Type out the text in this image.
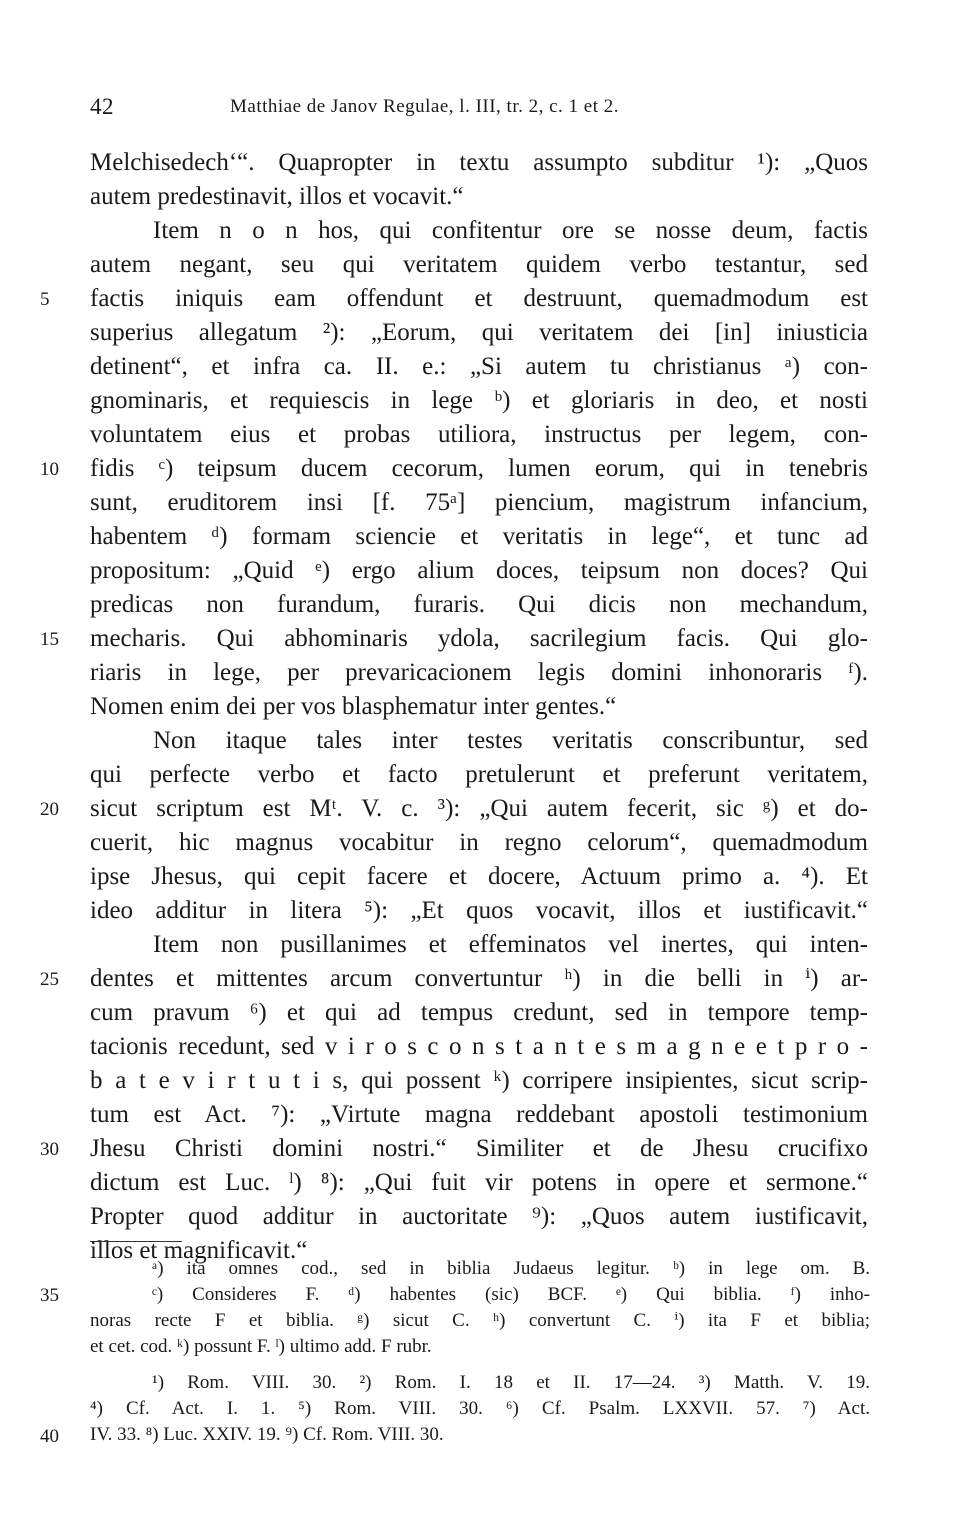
42	Matthiae de Janov Regulae, l. III, tr. 2, c. 1 et 2.
Melchisedech‘“. Quapropter in textu assumpto subditur ¹): „Quos
autem predestinavit, illos et vocavit.“
Item n o n hos, qui confitentur ore se nosse deum, factis
autem negant, seu qui veritatem quidem verbo testantur, sed
5	factis iniquis eam offendunt et destruunt, quemadmodum est
superius allegatum ²): „Eorum, qui veritatem dei [in] iniusticia
detinent“, et infra ca. II. e.: „Si autem tu christianus ᵃ) con-
gnominaris, et requiescis in lege ᵇ) et gloriaris in deo, et nosti
voluntatem eius et probas utiliora, instructus per legem, con-
10	fidis ᶜ) teipsum ducem cecorum, lumen eorum, qui in tenebris
sunt, eruditorem insi [f. 75ᵃ] piencium, magistrum infancium,
habentem ᵈ) formam sciencie et veritatis in lege“, et tunc ad
propositum: „Quid ᵉ) ergo alium doces, teipsum non doces? Qui
predicas non furandum, furaris. Qui dicis non mechandum,
15	mecharis. Qui abhominaris ydola, sacrilegium facis. Qui glo-
riaris in lege, per prevaricacionem legis domini inhonoraris ᶠ).
Nomen enim dei per vos blasphematur inter gentes.“
Non itaque tales inter testes veritatis conscribuntur, sed
qui perfecte verbo et facto pretulerunt et preferunt veritatem,
20	sicut scriptum est Mᵗ. V. c. ³): „Qui autem fecerit, sic ᵍ) et do-
cuerit, hic magnus vocabitur in regno celorum“, quemadmodum
ipse Jhesus, qui cepit facere et docere, Actuum primo a. ⁴). Et
ideo additur in litera ⁵): „Et quos vocavit, illos et iustificavit.“
Item non pusillanimes et effeminatos vel inertes, qui inten-
25	dentes et mittentes arcum convertuntur ʰ) in die belli in ⁱ) ar-
cum pravum ⁶) et qui ad tempus credunt, sed in tempore temp-
tacionis recedunt, sed v i r o s c o n s t a n t e s m a g n e e t p r o -
b a t e v i r t u t i s, qui possent ᵏ) corripere insipientes, sicut scrip-
tum est Act. ⁷): „Virtute magna reddebant apostoli testimonium
30	Jhesu Christi domini nostri.“ Similiter et de Jhesu crucifixo
dictum est Luc. ˡ) ⁸): „Qui fuit vir potens in opere et sermone.“
Propter quod additur in auctoritate ⁹): „Quos autem iustificavit,
illos et magnificavit.“
ᵃ) ita omnes cod., sed in biblia Judaeus legitur. ᵇ) in lege om. B.
35	ᶜ) Consideres F. ᵈ) habentes (sic) BCF. ᵉ) Qui biblia. ᶠ) inho-
noras recte F et biblia. ᵍ) sicut C. ʰ) convertunt C. ⁱ) ita F et biblia;
et cet. cod. ᵏ) possunt F. ˡ) ultimo add. F rubr.
¹) Rom. VIII. 30. ²) Rom. I. 18 et II. 17—24. ³) Matth. V. 19.
⁴) Cf. Act. I. 1. ⁵) Rom. VIII. 30. ⁶) Cf. Psalm. LXXVII. 57. ⁷) Act.
40	IV. 33. ⁸) Luc. XXIV. 19. ⁹) Cf. Rom. VIII. 30.
